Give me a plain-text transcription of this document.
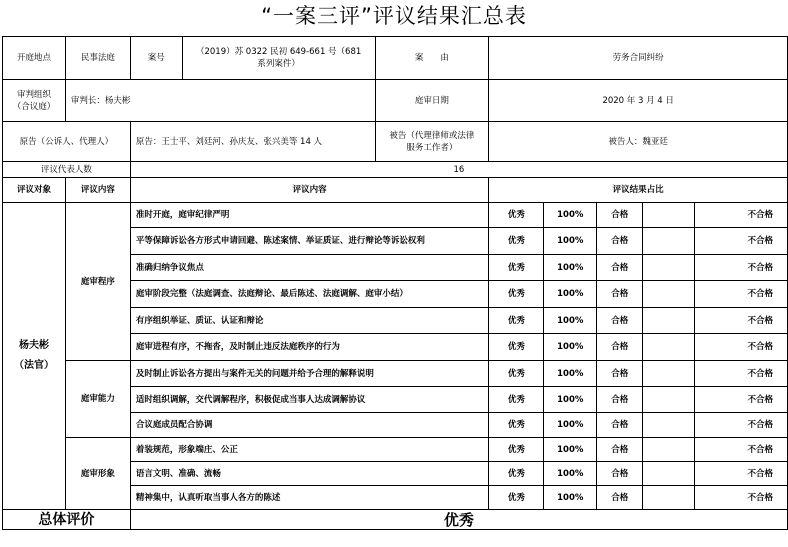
“一案三评”评议结果汇总表
开庭地点	民事法庭	案号	（2019）苏 0322 民初 649-661 号（681
系列案件）	案　　由	劳务合同纠纷					
审判组织
（合议庭）	审判长：杨夫彬			庭审日期	2020 年 3 月 4 日					
原告（公诉人、代理人）		原告：王士平、刘廷河、孙庆友、张兴美等 14 人		被告（代理律师或法律
服务工作者）	被告人：魏亚廷					
评议代表人数		16								
评议对象	评议内容	评议内容			评议结果占比					
杨夫彬
（法官）	庭审程序	准时开庭，庭审纪律严明			优秀	100%	合格			不合格
		平等保障诉讼各方形式申请回避、陈述案情、举证质证、进行辩论等诉讼权利			优秀	100%	合格			不合格
		准确归纳争议焦点			优秀	100%	合格			不合格
		庭审阶段完整（法庭调查、法庭辩论、最后陈述、法庭调解、庭审小结）			优秀	100%	合格			不合格
		有序组织举证、质证、认证和辩论			优秀	100%	合格			不合格
		庭审进程有序，不拖沓，及时制止违反法庭秩序的行为			优秀	100%	合格			不合格
	庭审能力	及时制止诉讼各方提出与案件无关的问题并给予合理的解释说明			优秀	100%	合格			不合格
		适时组织调解，交代调解程序，积极促成当事人达成调解协议			优秀	100%	合格			不合格
		合议庭成员配合协调			优秀	100%	合格			不合格
	庭审形象	着装规范，形象端庄、公正			优秀	100%	合格			不合格
		语言文明、准确、流畅			优秀	100%	合格			不合格
		精神集中，认真听取当事人各方的陈述			优秀	100%	合格			不合格
总体评价		优秀								
